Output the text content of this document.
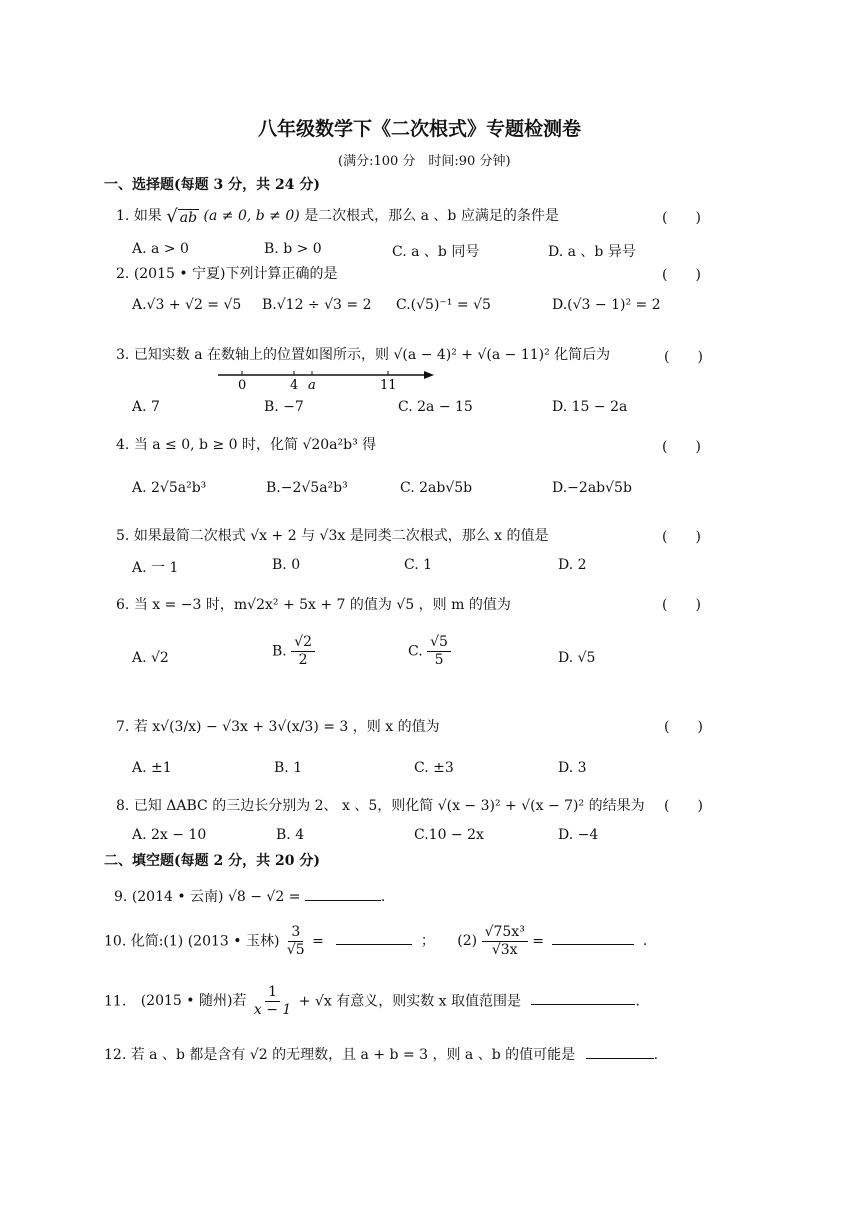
八年级数学下《二次根式》专题检测卷
(满分:100 分　时间:90 分钟)
一、选择题(每题 3 分，共 24 分)
1. 如果 √ ab (a ≠ 0, b ≠ 0) 是二次根式，那么 a 、b 应满足的条件是	(　　)
A. a > 0	B. b > 0	C. a 、b 同号	D. a 、b 异号
2. (2015 • 宁夏)下列计算正确的是	(　　)
A.√3 + √2 = √5 B.√12 ÷ √3 = 2 C.(√5)⁻¹ = √5	D.(√3 − 1)² = 2
3. 已知实数 a 在数轴上的位置如图所示，则 √(a − 4)² + √(a − 11)² 化简后为	(　　)
0	4 a	11
A. 7	B. −7	C. 2a − 15	D. 15 − 2a
4. 当 a ≤ 0, b ≥ 0 时，化简 √20a²b³ 得	(　　)
A. 2√5a²b³	B.−2√5a²b³	C. 2ab√5b	D.−2ab√5b
5. 如果最简二次根式 √x + 2 与 √3x 是同类二次根式，那么 x 的值是	(　　)
A. 一 1	B. 0	C. 1	D. 2
6. 当 x = −3 时，m√2x² + 5x + 7 的值为 √5 ，则 m 的值为	(　　)
A. √2	B. $\frac{√2}{2}$	C. $\frac{√5}{5}$	D. √5
7. 若 x√(3/x) − √3x + 3√(x/3) = 3 ，则 x 的值为	(　　)
A. ±1	B. 1	C. ±3	D. 3
8. 已知 ΔABC 的三边长分别为 2、 x 、5，则化简 √(x − 3)² + √(x − 7)² 的结果为 (　　)
A. 2x − 10	B. 4	C.10 − 2x	D. −4
二、填空题(每题 2 分，共 20 分)
9. (2014 • 云南) √8 − √2 =	.
10. 化简:(1) (2013 • 玉林) $\frac{3}{√5}$ =	； $(2) \frac{\text{√75x³}}{√3x}$ =	.
11. (2015 • 随州)若 $\frac{1}{x - 1} + √x$ 有意义，则实数 x 取值范围是	.
12. 若 a 、b 都是含有 √2 的无理数，且 a + b = 3 ，则 a 、b 的值可能是	.
